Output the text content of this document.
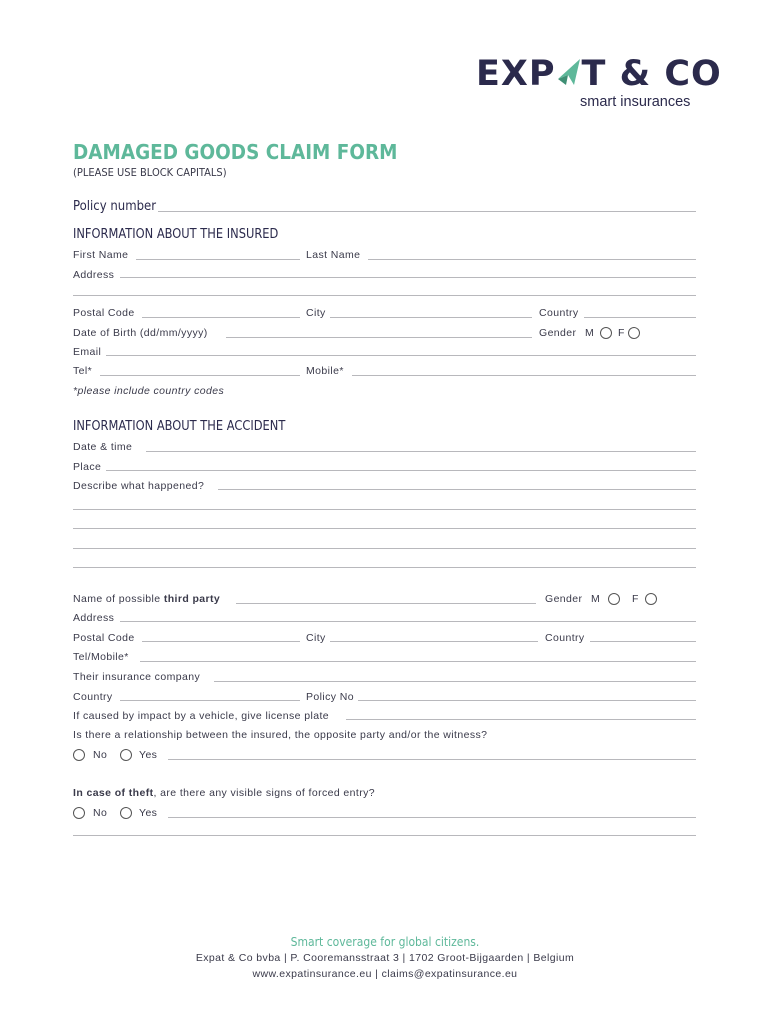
EXP T & CO
smart insurances
DAMAGED GOODS CLAIM FORM
(PLEASE USE BLOCK CAPITALS)
Policy number
INFORMATION ABOUT THE INSURED
First Name	Last Name
Address
Postal Code	City	Country
Date of Birth (dd/mm/yyyy)	Gender M F
Email
Tel*	Mobile*
*please include country codes
INFORMATION ABOUT THE ACCIDENT
Date & time
Place
Describe what happened?
Name of possible third party	Gender M	F
Address
Postal Code	City	Country
Tel/Mobile*
Their insurance company
Country	Policy No
If caused by impact by a vehicle, give license plate
Is there a relationship between the insured, the opposite party and/or the witness?
No	Yes
In case of theft, are there any visible signs of forced entry?
No	Yes
Smart coverage for global citizens.
Expat & Co bvba | P. Cooremansstraat 3 | 1702 Groot-Bijgaarden | Belgium
www.expatinsurance.eu | claims@expatinsurance.eu
